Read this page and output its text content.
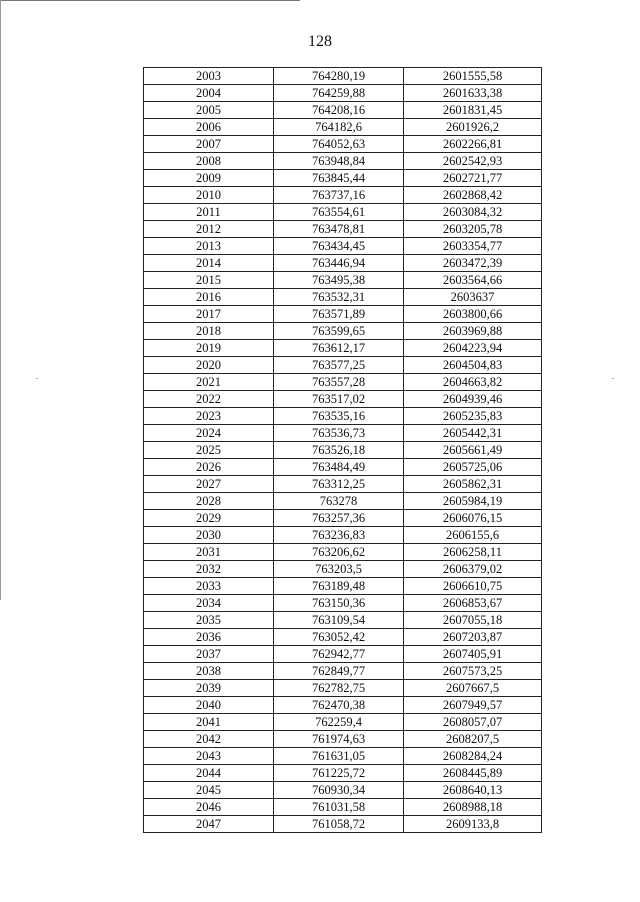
128
2003	764280,19	2601555,58
2004	764259,88	2601633,38
2005	764208,16	2601831,45
2006	764182,6	2601926,2
2007	764052,63	2602266,81
2008	763948,84	2602542,93
2009	763845,44	2602721,77
2010	763737,16	2602868,42
2011	763554,61	2603084,32
2012	763478,81	2603205,78
2013	763434,45	2603354,77
2014	763446,94	2603472,39
2015	763495,38	2603564,66
2016	763532,31	2603637
2017	763571,89	2603800,66
2018	763599,65	2603969,88
2019	763612,17	2604223,94
2020	763577,25	2604504,83
2021	763557,28	2604663,82
2022	763517,02	2604939,46
2023	763535,16	2605235,83
2024	763536,73	2605442,31
2025	763526,18	2605661,49
2026	763484,49	2605725,06
2027	763312,25	2605862,31
2028	763278	2605984,19
2029	763257,36	2606076,15
2030	763236,83	2606155,6
2031	763206,62	2606258,11
2032	763203,5	2606379,02
2033	763189,48	2606610,75
2034	763150,36	2606853,67
2035	763109,54	2607055,18
2036	763052,42	2607203,87
2037	762942,77	2607405,91
2038	762849,77	2607573,25
2039	762782,75	2607667,5
2040	762470,38	2607949,57
2041	762259,4	2608057,07
2042	761974,63	2608207,5
2043	761631,05	2608284,24
2044	761225,72	2608445,89
2045	760930,34	2608640,13
2046	761031,58	2608988,18
2047	761058,72	2609133,8
